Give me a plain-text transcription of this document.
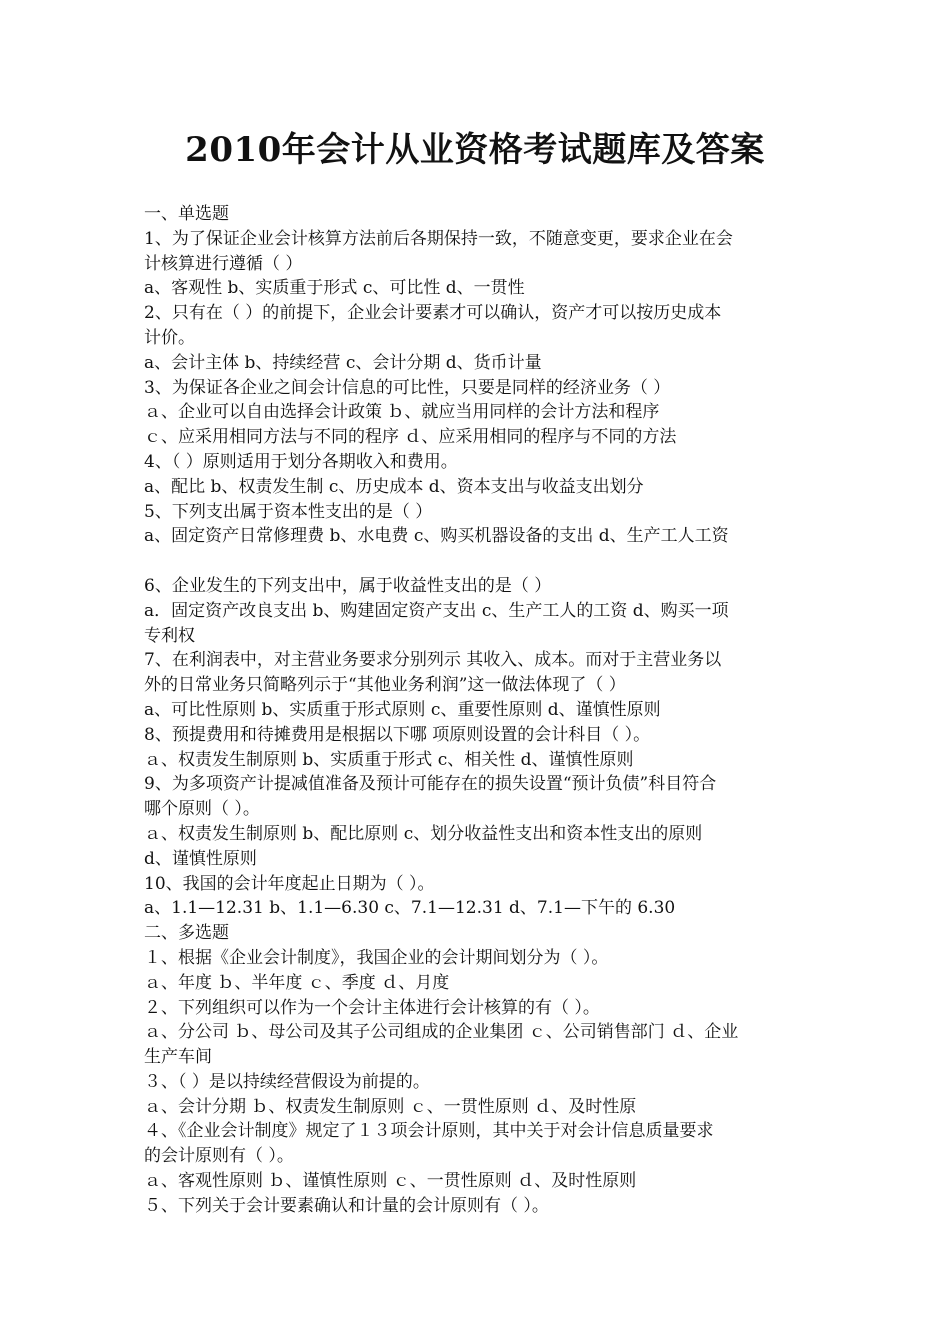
2010年会计从业资格考试题库及答案
一、单选题
1、为了保证企业会计核算方法前后各期保持一致，不随意变更，要求企业在会
计核算进行遵循（ ）
a、客观性 b、实质重于形式 c、可比性 d、一贯性
2、只有在（ ）的前提下，企业会计要素才可以确认，资产才可以按历史成本
计价。
a、会计主体 b、持续经营 c、会计分期 d、货币计量
3、为保证各企业之间会计信息的可比性，只要是同样的经济业务（ ）
ａ、企业可以自由选择会计政策 ｂ、就应当用同样的会计方法和程序
ｃ、应采用相同方法与不同的程序 ｄ、应采用相同的程序与不同的方法
4、（ ）原则适用于划分各期收入和费用。
a、配比 b、权责发生制 c、历史成本 d、资本支出与收益支出划分
5、下列支出属于资本性支出的是（ ）
a、固定资产日常修理费 b、水电费 c、购买机器设备的支出 d、生产工人工资
6、企业发生的下列支出中，属于收益性支出的是（ ）
a．固定资产改良支出 b、购建固定资产支出 c、生产工人的工资 d、购买一项
专利权
7、在利润表中，对主营业务要求分别列示 其收入、成本。而对于主营业务以
外的日常业务只简略列示于“其他业务利润”这一做法体现了（ ）
a、可比性原则 b、实质重于形式原则 c、重要性原则 d、谨慎性原则
8、预提费用和待摊费用是根据以下哪 项原则设置的会计科目（ ）。
ａ、权责发生制原则 b、实质重于形式 c、相关性 d、谨慎性原则
9、为多项资产计提减值准备及预计可能存在的损失设置“预计负债”科目符合
哪个原则（ ）。
ａ、权责发生制原则 b、配比原则 c、划分收益性支出和资本性支出的原则
d、谨慎性原则
10、我国的会计年度起止日期为（ ）。
a、1.1—12.31 b、1.1—6.30 c、7.1—12.31 d、7.1—下午的 6.30
二、多选题
１、根据《企业会计制度》，我国企业的会计期间划分为（ ）。
ａ、年度 ｂ、半年度 ｃ、季度 ｄ、月度
２、下列组织可以作为一个会计主体进行会计核算的有（ ）。
ａ、分公司 ｂ、母公司及其子公司组成的企业集团 ｃ、公司销售部门 ｄ、企业
生产车间
３、（ ）是以持续经营假设为前提的。
ａ、会计分期 ｂ、权责发生制原则 ｃ、一贯性原则 ｄ、及时性原
４、《企业会计制度》规定了１３项会计原则，其中关于对会计信息质量要求
的会计原则有（ ）。
ａ、客观性原则 ｂ、谨慎性原则 ｃ、一贯性原则 ｄ、及时性原则
５、下列关于会计要素确认和计量的会计原则有（ ）。
